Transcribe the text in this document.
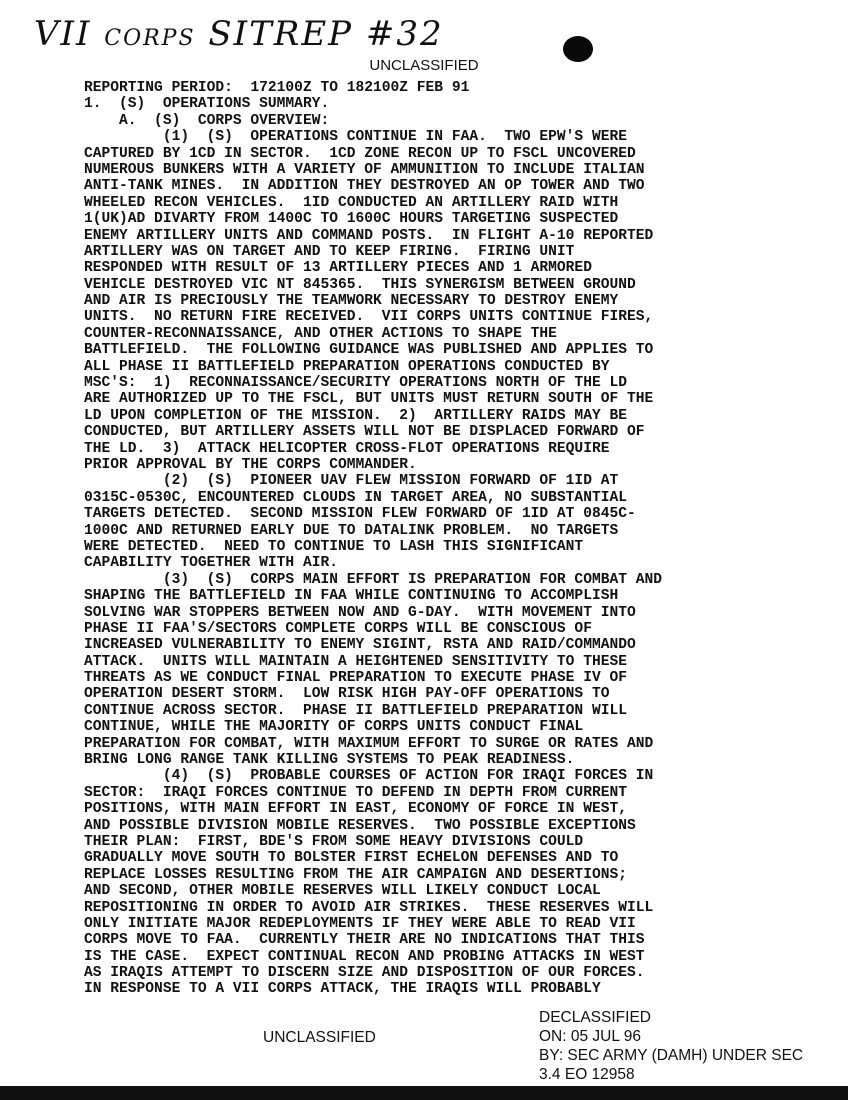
VII CORPS SITREP #32
UNCLASSIFIED
REPORTING PERIOD:  172100Z TO 182100Z FEB 91
1.  (S)  OPERATIONS SUMMARY.
A.  (S)  CORPS OVERVIEW:
(1)  (S)  OPERATIONS CONTINUE IN FAA.  TWO EPW'S WERE
CAPTURED BY 1CD IN SECTOR.  1CD ZONE RECON UP TO FSCL UNCOVERED
NUMEROUS BUNKERS WITH A VARIETY OF AMMUNITION TO INCLUDE ITALIAN
ANTI-TANK MINES.  IN ADDITION THEY DESTROYED AN OP TOWER AND TWO
WHEELED RECON VEHICLES.  1ID CONDUCTED AN ARTILLERY RAID WITH
1(UK)AD DIVARTY FROM 1400C TO 1600C HOURS TARGETING SUSPECTED
ENEMY ARTILLERY UNITS AND COMMAND POSTS.  IN FLIGHT A-10 REPORTED
ARTILLERY WAS ON TARGET AND TO KEEP FIRING.  FIRING UNIT
RESPONDED WITH RESULT OF 13 ARTILLERY PIECES AND 1 ARMORED
VEHICLE DESTROYED VIC NT 845365.  THIS SYNERGISM BETWEEN GROUND
AND AIR IS PRECIOUSLY THE TEAMWORK NECESSARY TO DESTROY ENEMY
UNITS.  NO RETURN FIRE RECEIVED.  VII CORPS UNITS CONTINUE FIRES,
COUNTER-RECONNAISSANCE, AND OTHER ACTIONS TO SHAPE THE
BATTLEFIELD.  THE FOLLOWING GUIDANCE WAS PUBLISHED AND APPLIES TO
ALL PHASE II BATTLEFIELD PREPARATION OPERATIONS CONDUCTED BY
MSC'S:  1)  RECONNAISSANCE/SECURITY OPERATIONS NORTH OF THE LD
ARE AUTHORIZED UP TO THE FSCL, BUT UNITS MUST RETURN SOUTH OF THE
LD UPON COMPLETION OF THE MISSION.  2)  ARTILLERY RAIDS MAY BE
CONDUCTED, BUT ARTILLERY ASSETS WILL NOT BE DISPLACED FORWARD OF
THE LD.  3)  ATTACK HELICOPTER CROSS-FLOT OPERATIONS REQUIRE
PRIOR APPROVAL BY THE CORPS COMMANDER.
(2)  (S)  PIONEER UAV FLEW MISSION FORWARD OF 1ID AT
0315C-0530C, ENCOUNTERED CLOUDS IN TARGET AREA, NO SUBSTANTIAL
TARGETS DETECTED.  SECOND MISSION FLEW FORWARD OF 1ID AT 0845C-
1000C AND RETURNED EARLY DUE TO DATALINK PROBLEM.  NO TARGETS
WERE DETECTED.  NEED TO CONTINUE TO LASH THIS SIGNIFICANT
CAPABILITY TOGETHER WITH AIR.
(3)  (S)  CORPS MAIN EFFORT IS PREPARATION FOR COMBAT AND
SHAPING THE BATTLEFIELD IN FAA WHILE CONTINUING TO ACCOMPLISH
SOLVING WAR STOPPERS BETWEEN NOW AND G-DAY.  WITH MOVEMENT INTO
PHASE II FAA'S/SECTORS COMPLETE CORPS WILL BE CONSCIOUS OF
INCREASED VULNERABILITY TO ENEMY SIGINT, RSTA AND RAID/COMMANDO
ATTACK.  UNITS WILL MAINTAIN A HEIGHTENED SENSITIVITY TO THESE
THREATS AS WE CONDUCT FINAL PREPARATION TO EXECUTE PHASE IV OF
OPERATION DESERT STORM.  LOW RISK HIGH PAY-OFF OPERATIONS TO
CONTINUE ACROSS SECTOR.  PHASE II BATTLEFIELD PREPARATION WILL
CONTINUE, WHILE THE MAJORITY OF CORPS UNITS CONDUCT FINAL
PREPARATION FOR COMBAT, WITH MAXIMUM EFFORT TO SURGE OR RATES AND
BRING LONG RANGE TANK KILLING SYSTEMS TO PEAK READINESS.
(4)  (S)  PROBABLE COURSES OF ACTION FOR IRAQI FORCES IN
SECTOR:  IRAQI FORCES CONTINUE TO DEFEND IN DEPTH FROM CURRENT
POSITIONS, WITH MAIN EFFORT IN EAST, ECONOMY OF FORCE IN WEST,
AND POSSIBLE DIVISION MOBILE RESERVES.  TWO POSSIBLE EXCEPTIONS
THEIR PLAN:  FIRST, BDE'S FROM SOME HEAVY DIVISIONS COULD
GRADUALLY MOVE SOUTH TO BOLSTER FIRST ECHELON DEFENSES AND TO
REPLACE LOSSES RESULTING FROM THE AIR CAMPAIGN AND DESERTIONS;
AND SECOND, OTHER MOBILE RESERVES WILL LIKELY CONDUCT LOCAL
REPOSITIONING IN ORDER TO AVOID AIR STRIKES.  THESE RESERVES WILL
ONLY INITIATE MAJOR REDEPLOYMENTS IF THEY WERE ABLE TO READ VII
CORPS MOVE TO FAA.  CURRENTLY THEIR ARE NO INDICATIONS THAT THIS
IS THE CASE.  EXPECT CONTINUAL RECON AND PROBING ATTACKS IN WEST
AS IRAQIS ATTEMPT TO DISCERN SIZE AND DISPOSITION OF OUR FORCES.
IN RESPONSE TO A VII CORPS ATTACK, THE IRAQIS WILL PROBABLY
UNCLASSIFIED
DECLASSIFIED
ON: 05 JUL 96
BY: SEC ARMY (DAMH) UNDER SEC
3.4 EO 12958
